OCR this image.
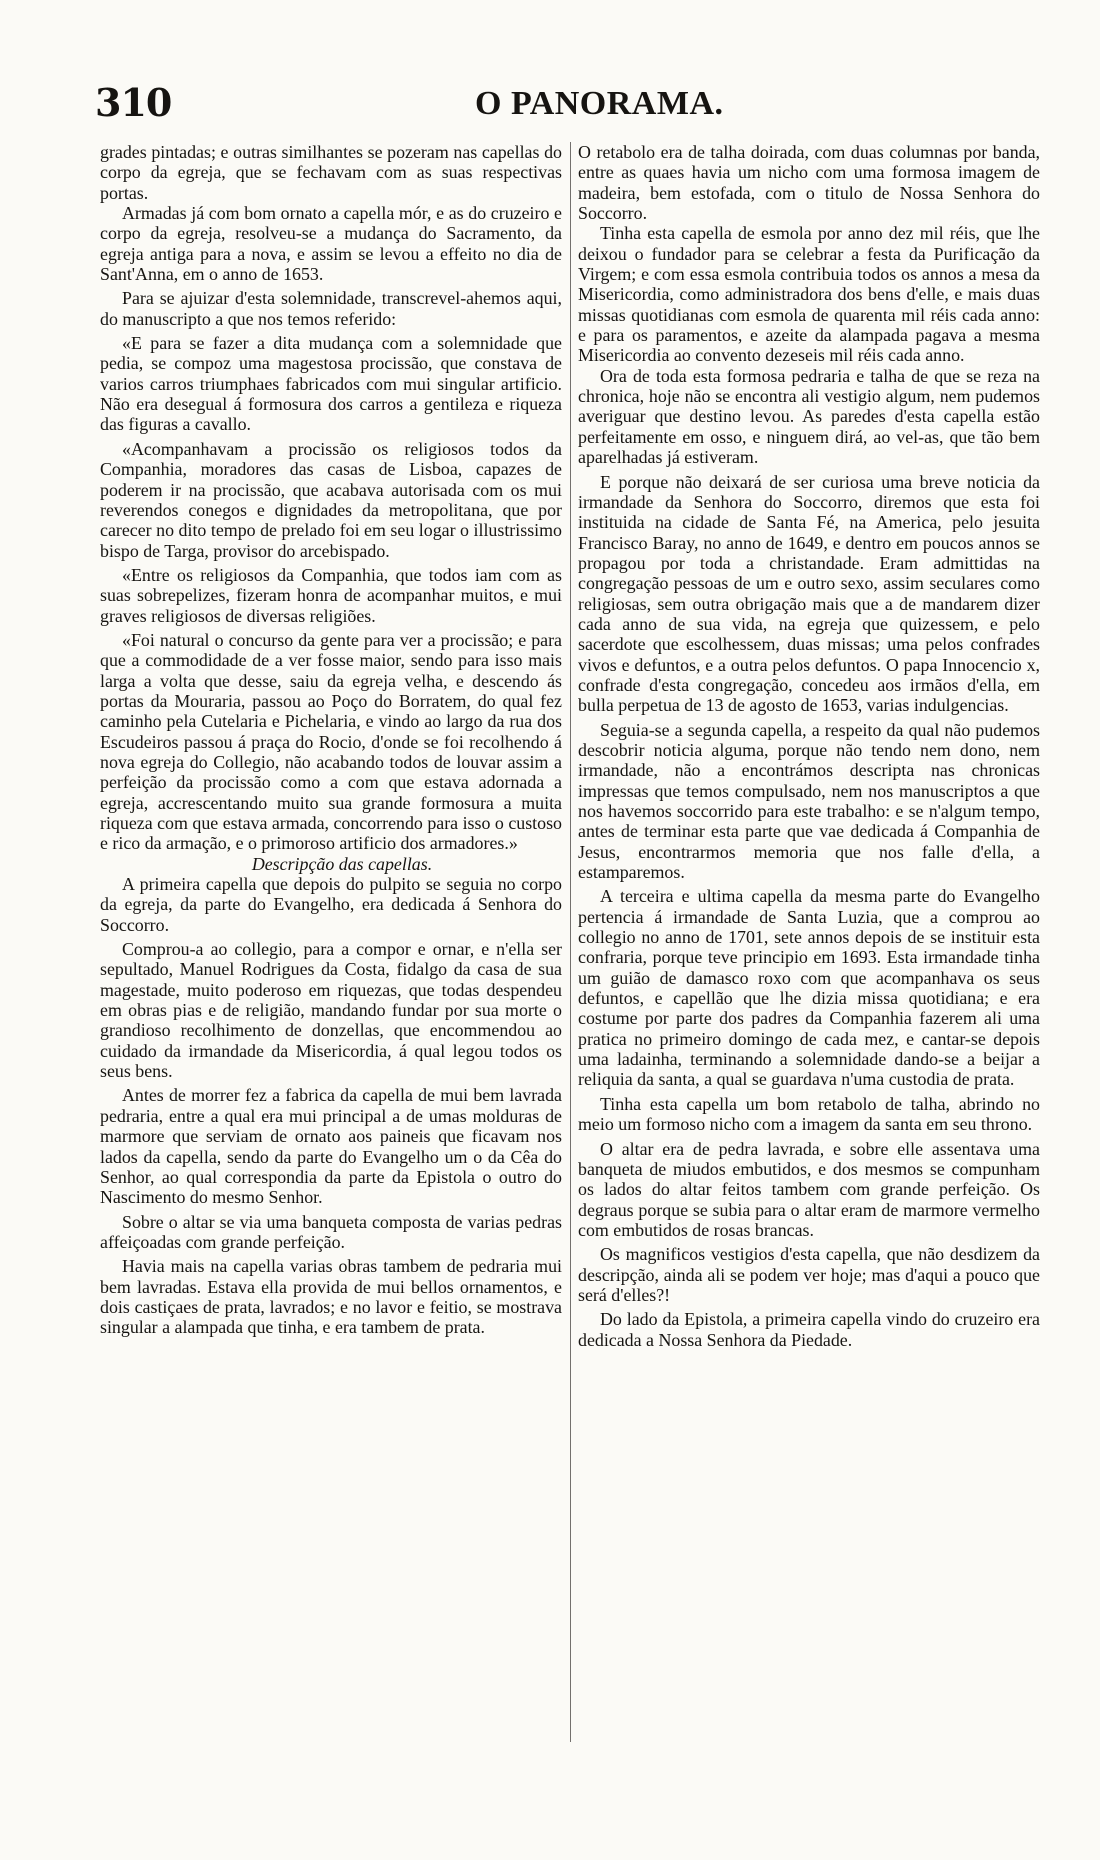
310	O PANORAMA.

grades pintadas; e outras similhantes se pozeram nas capellas do corpo da egreja, que se fechavam com as suas respectivas portas.

Armadas já com bom ornato a capella mór, e as do cruzeiro e corpo da egreja, resolveu-se a mudança do Sacramento, da egreja antiga para a nova, e assim se levou a effeito no dia de Sant'Anna, em o anno de 1653.

Para se ajuizar d'esta solemnidade, transcrevel-ahemos aqui, do manuscripto a que nos temos referido:

«E para se fazer a dita mudança com a solemnidade que pedia, se compoz uma magestosa procissão, que constava de varios carros triumphaes fabricados com mui singular artificio. Não era desegual á formosura dos carros a gentileza e riqueza das figuras a cavallo.

«Acompanhavam a procissão os religiosos todos da Companhia, moradores das casas de Lisboa, capazes de poderem ir na procissão, que acabava autorisada com os mui reverendos conegos e dignidades da metropolitana, que por carecer no dito tempo de prelado foi em seu logar o illustrissimo bispo de Targa, provisor do arcebispado.

«Entre os religiosos da Companhia, que todos iam com as suas sobrepelizes, fizeram honra de acompanhar muitos, e mui graves religiosos de diversas religiões.

«Foi natural o concurso da gente para ver a procissão; e para que a commodidade de a ver fosse maior, sendo para isso mais larga a volta que desse, saiu da egreja velha, e descendo ás portas da Mouraria, passou ao Poço do Borratem, do qual fez caminho pela Cutelaria e Pichelaria, e vindo ao largo da rua dos Escudeiros passou á praça do Rocio, d'onde se foi recolhendo á nova egreja do Collegio, não acabando todos de louvar assim a perfeição da procissão como a com que estava adornada a egreja, accrescentando muito sua grande formosura a muita riqueza com que estava armada, concorrendo para isso o custoso e rico da armação, e o primoroso artificio dos armadores.»

Descripção das capellas.

A primeira capella que depois do pulpito se seguia no corpo da egreja, da parte do Evangelho, era dedicada á Senhora do Soccorro.

Comprou-a ao collegio, para a compor e ornar, e n'ella ser sepultado, Manuel Rodrigues da Costa, fidalgo da casa de sua magestade, muito poderoso em riquezas, que todas despendeu em obras pias e de religião, mandando fundar por sua morte o grandioso recolhimento de donzellas, que encommendou ao cuidado da irmandade da Misericordia, á qual legou todos os seus bens.

Antes de morrer fez a fabrica da capella de mui bem lavrada pedraria, entre a qual era mui principal a de umas molduras de marmore que serviam de ornato aos paineis que ficavam nos lados da capella, sendo da parte do Evangelho um o da Cêa do Senhor, ao qual correspondia da parte da Epistola o outro do Nascimento do mesmo Senhor.

Sobre o altar se via uma banqueta composta de varias pedras affeiçoadas com grande perfeição.

Havia mais na capella varias obras tambem de pedraria mui bem lavradas. Estava ella provida de mui bellos ornamentos, e dois castiçaes de prata, lavrados; e no lavor e feitio, se mostrava singular a alampada que tinha, e era tambem de prata.

O retabolo era de talha doirada, com duas columnas por banda, entre as quaes havia um nicho com uma formosa imagem de madeira, bem estofada, com o titulo de Nossa Senhora do Soccorro.

Tinha esta capella de esmola por anno dez mil réis, que lhe deixou o fundador para se celebrar a festa da Purificação da Virgem; e com essa esmola contribuia todos os annos a mesa da Misericordia, como administradora dos bens d'elle, e mais duas missas quotidianas com esmola de quarenta mil réis cada anno: e para os paramentos, e azeite da alampada pagava a mesma Misericordia ao convento dezeseis mil réis cada anno.

Ora de toda esta formosa pedraria e talha de que se reza na chronica, hoje não se encontra ali vestigio algum, nem pudemos averiguar que destino levou. As paredes d'esta capella estão perfeitamente em osso, e ninguem dirá, ao vel-as, que tão bem aparelhadas já estiveram.

E porque não deixará de ser curiosa uma breve noticia da irmandade da Senhora do Soccorro, diremos que esta foi instituida na cidade de Santa Fé, na America, pelo jesuita Francisco Baray, no anno de 1649, e dentro em poucos annos se propagou por toda a christandade. Eram admittidas na congregação pessoas de um e outro sexo, assim seculares como religiosas, sem outra obrigação mais que a de mandarem dizer cada anno de sua vida, na egreja que quizessem, e pelo sacerdote que escolhessem, duas missas; uma pelos confrades vivos e defuntos, e a outra pelos defuntos. O papa Innocencio x, confrade d'esta congregação, concedeu aos irmãos d'ella, em bulla perpetua de 13 de agosto de 1653, varias indulgencias.

Seguia-se a segunda capella, a respeito da qual não pudemos descobrir noticia alguma, porque não tendo nem dono, nem irmandade, não a encontrámos descripta nas chronicas impressas que temos compulsado, nem nos manuscriptos a que nos havemos soccorrido para este trabalho: e se n'algum tempo, antes de terminar esta parte que vae dedicada á Companhia de Jesus, encontrarmos memoria que nos falle d'ella, a estamparemos.

A terceira e ultima capella da mesma parte do Evangelho pertencia á irmandade de Santa Luzia, que a comprou ao collegio no anno de 1701, sete annos depois de se instituir esta confraria, porque teve principio em 1693. Esta irmandade tinha um guião de damasco roxo com que acompanhava os seus defuntos, e capellão que lhe dizia missa quotidiana; e era costume por parte dos padres da Companhia fazerem ali uma pratica no primeiro domingo de cada mez, e cantar-se depois uma ladainha, terminando a solemnidade dando-se a beijar a reliquia da santa, a qual se guardava n'uma custodia de prata.

Tinha esta capella um bom retabolo de talha, abrindo no meio um formoso nicho com a imagem da santa em seu throno.

O altar era de pedra lavrada, e sobre elle assentava uma banqueta de miudos embutidos, e dos mesmos se compunham os lados do altar feitos tambem com grande perfeição. Os degraus porque se subia para o altar eram de marmore vermelho com embutidos de rosas brancas.

Os magnificos vestigios d'esta capella, que não desdizem da descripção, ainda ali se podem ver hoje; mas d'aqui a pouco que será d'elles?!

Do lado da Epistola, a primeira capella vindo do cruzeiro era dedicada a Nossa Senhora da Piedade.
